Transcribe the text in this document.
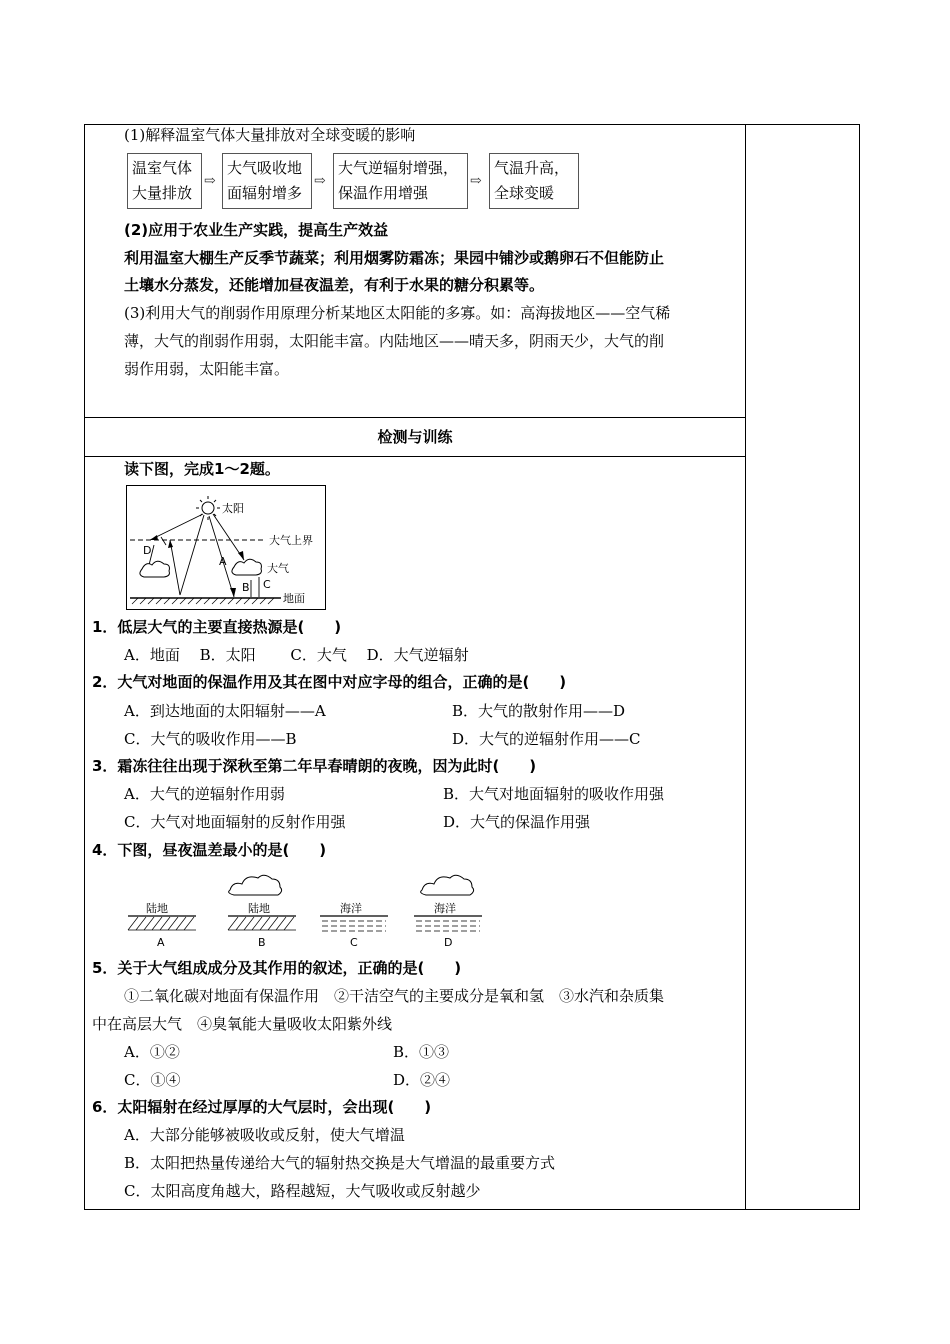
(1)解释温室气体大量排放对全球变暖的影响
温室气体
大量排放
⇨
大气吸收地
面辐射增多
⇨
大气逆辐射增强，
保温作用增强
⇨
气温升高，
全球变暖
(2)应用于农业生产实践，提高生产效益
利用温室大棚生产反季节蔬菜；利用烟雾防霜冻；果园中铺沙或鹅卵石不但能防止
土壤水分蒸发，还能增加昼夜温差，有利于水果的糖分积累等。
(3)利用大气的削弱作用原理分析某地区太阳能的多寡。如：高海拔地区——空气稀
薄，大气的削弱作用弱，太阳能丰富。内陆地区——晴天多，阴雨天少，大气的削
弱作用弱，太阳能丰富。
检测与训练
读下图，完成1～2题。
太阳
大气上界
D
A
大气
B C
地面
1．低层大气的主要直接热源是(　　)
A．地面　 B．太阳　　 C．大气　 D．大气逆辐射
2．大气对地面的保温作用及其在图中对应字母的组合，正确的是(　　)
A．到达地面的太阳辐射——A	B．大气的散射作用——D
C．大气的吸收作用——B	D．大气的逆辐射作用——C
3．霜冻往往出现于深秋至第二年早春晴朗的夜晚，因为此时(　　)
A．大气的逆辐射作用弱	B．大气对地面辐射的吸收作用强
C．大气对地面辐射的反射作用强	D．大气的保温作用强
4．下图，昼夜温差最小的是(　　)
陆地
A
陆地
B
海洋
C
海洋
D
5．关于大气组成成分及其作用的叙述，正确的是(　　)
①二氧化碳对地面有保温作用　②干洁空气的主要成分是氧和氢　③水汽和杂质集
中在高层大气　④臭氧能大量吸收太阳紫外线
A．①②	B．①③
C．①④	D．②④
6．太阳辐射在经过厚厚的大气层时，会出现(　　)
A．大部分能够被吸收或反射，使大气增温
B．太阳把热量传递给大气的辐射热交换是大气增温的最重要方式
C．太阳高度角越大，路程越短，大气吸收或反射越少
